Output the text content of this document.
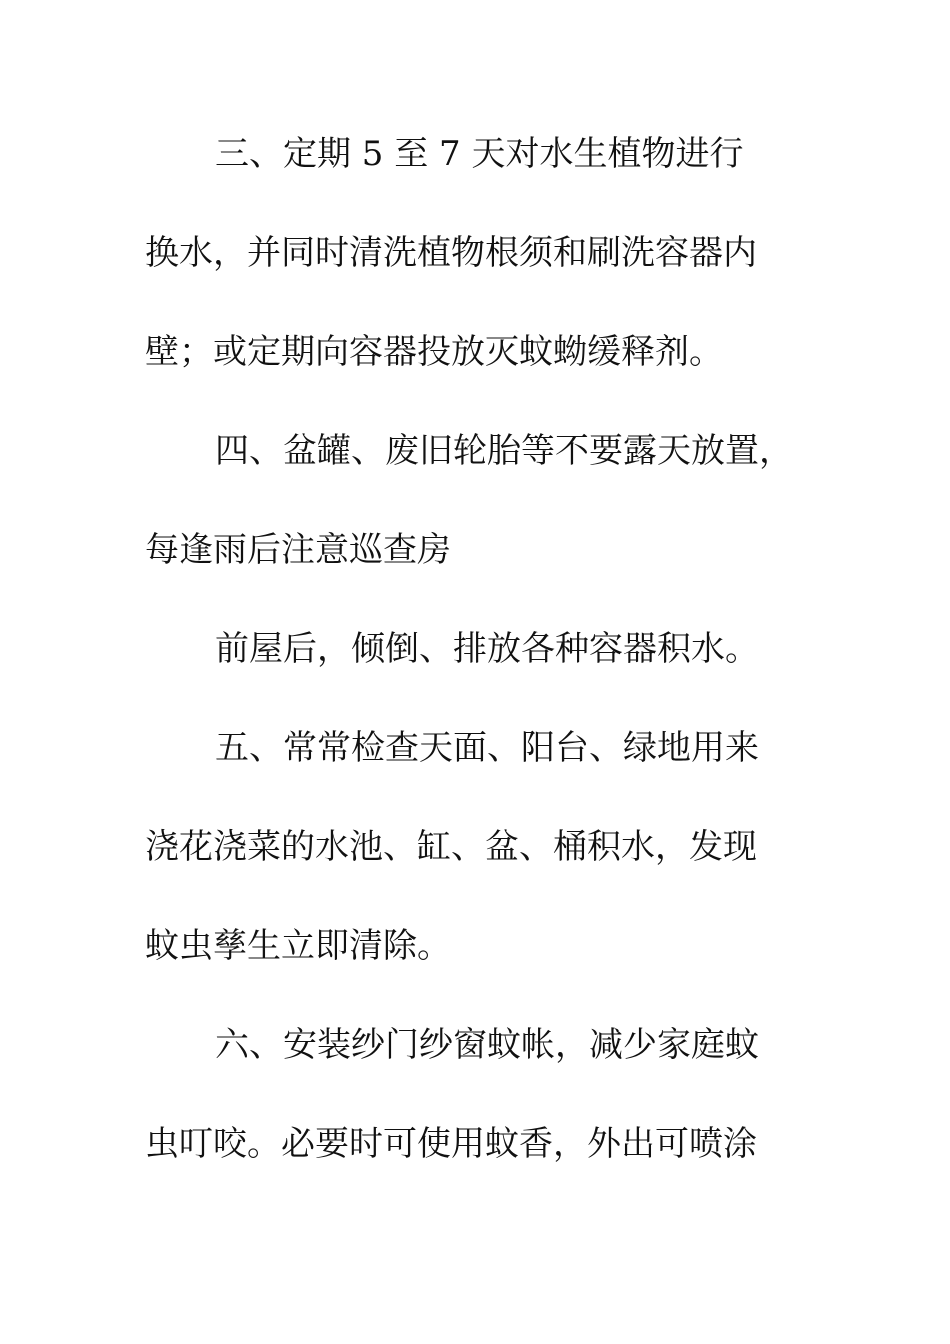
三、定期 5 至 7 天对水生植物进行
换水，并同时清洗植物根须和刷洗容器内
壁；或定期向容器投放灭蚊蚴缓释剂。
四、盆罐、废旧轮胎等不要露天放置，
每逢雨后注意巡查房
前屋后，倾倒、排放各种容器积水。
五、常常检查天面、阳台、绿地用来
浇花浇菜的水池、缸、盆、桶积水，发现
蚊虫孳生立即清除。
六、安装纱门纱窗蚊帐，减少家庭蚊
虫叮咬。必要时可使用蚊香，外出可喷涂
